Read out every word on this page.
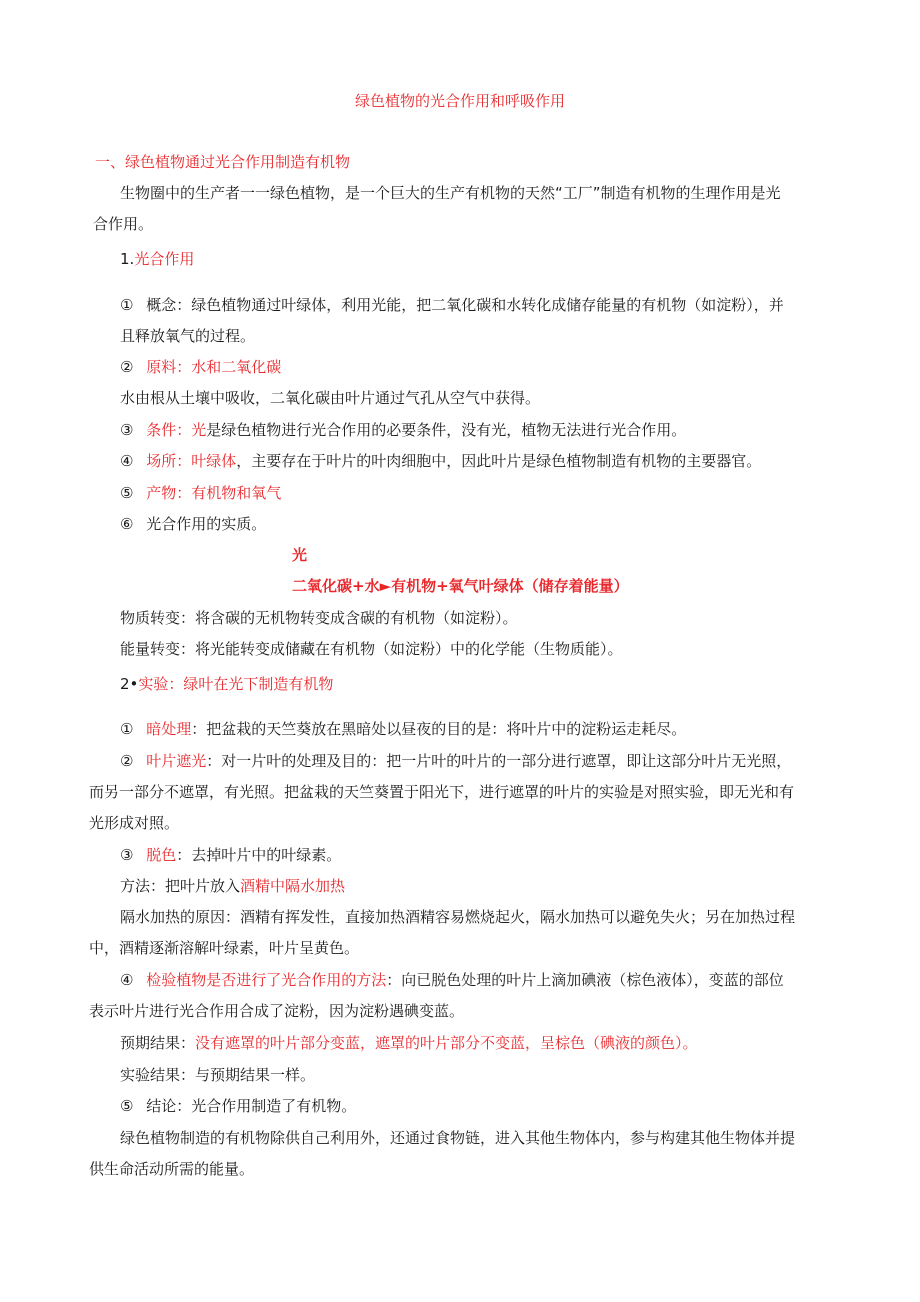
绿色植物的光合作用和呼吸作用
一、绿色植物通过光合作用制造有机物
生物圈中的生产者一一绿色植物，是一个巨大的生产有机物的天然“工厂”制造有机物的生理作用是光
合作用。
1.光合作用
① 概念：绿色植物通过叶绿体，利用光能，把二氧化碳和水转化成储存能量的有机物（如淀粉），并
且释放氧气的过程。
② 原料：水和二氧化碳
水由根从土壤中吸收，二氧化碳由叶片通过气孔从空气中获得。
③ 条件：光是绿色植物进行光合作用的必要条件，没有光，植物无法进行光合作用。
④ 场所：叶绿体，主要存在于叶片的叶肉细胞中，因此叶片是绿色植物制造有机物的主要器官。
⑤ 产物：有机物和氧气
⑥ 光合作用的实质。
光
二氧化碳+水►有机物+氧气叶绿体（储存着能量）
物质转变：将含碳的无机物转变成含碳的有机物（如淀粉）。
能量转变：将光能转变成储藏在有机物（如淀粉）中的化学能（生物质能）。
2•实验：绿叶在光下制造有机物
① 暗处理：把盆栽的天竺葵放在黑暗处以昼夜的目的是：将叶片中的淀粉运走耗尽。
② 叶片遮光：对一片叶的处理及目的：把一片叶的叶片的一部分进行遮罩，即让这部分叶片无光照，
而另一部分不遮罩，有光照。把盆栽的天竺葵置于阳光下，进行遮罩的叶片的实验是对照实验，即无光和有
光形成对照。
③ 脱色：去掉叶片中的叶绿素。
方法：把叶片放入酒精中隔水加热
隔水加热的原因：酒精有挥发性，直接加热酒精容易燃烧起火，隔水加热可以避免失火；另在加热过程
中，酒精逐渐溶解叶绿素，叶片呈黄色。
④ 检验植物是否进行了光合作用的方法：向已脱色处理的叶片上滴加碘液（棕色液体），变蓝的部位
表示叶片进行光合作用合成了淀粉，因为淀粉遇碘变蓝。
预期结果：没有遮罩的叶片部分变蓝，遮罩的叶片部分不变蓝，呈棕色（碘液的颜色）。
实验结果：与预期结果一样。
⑤ 结论：光合作用制造了有机物。
绿色植物制造的有机物除供自己利用外，还通过食物链，进入其他生物体内，参与构建其他生物体并提
供生命活动所需的能量。
